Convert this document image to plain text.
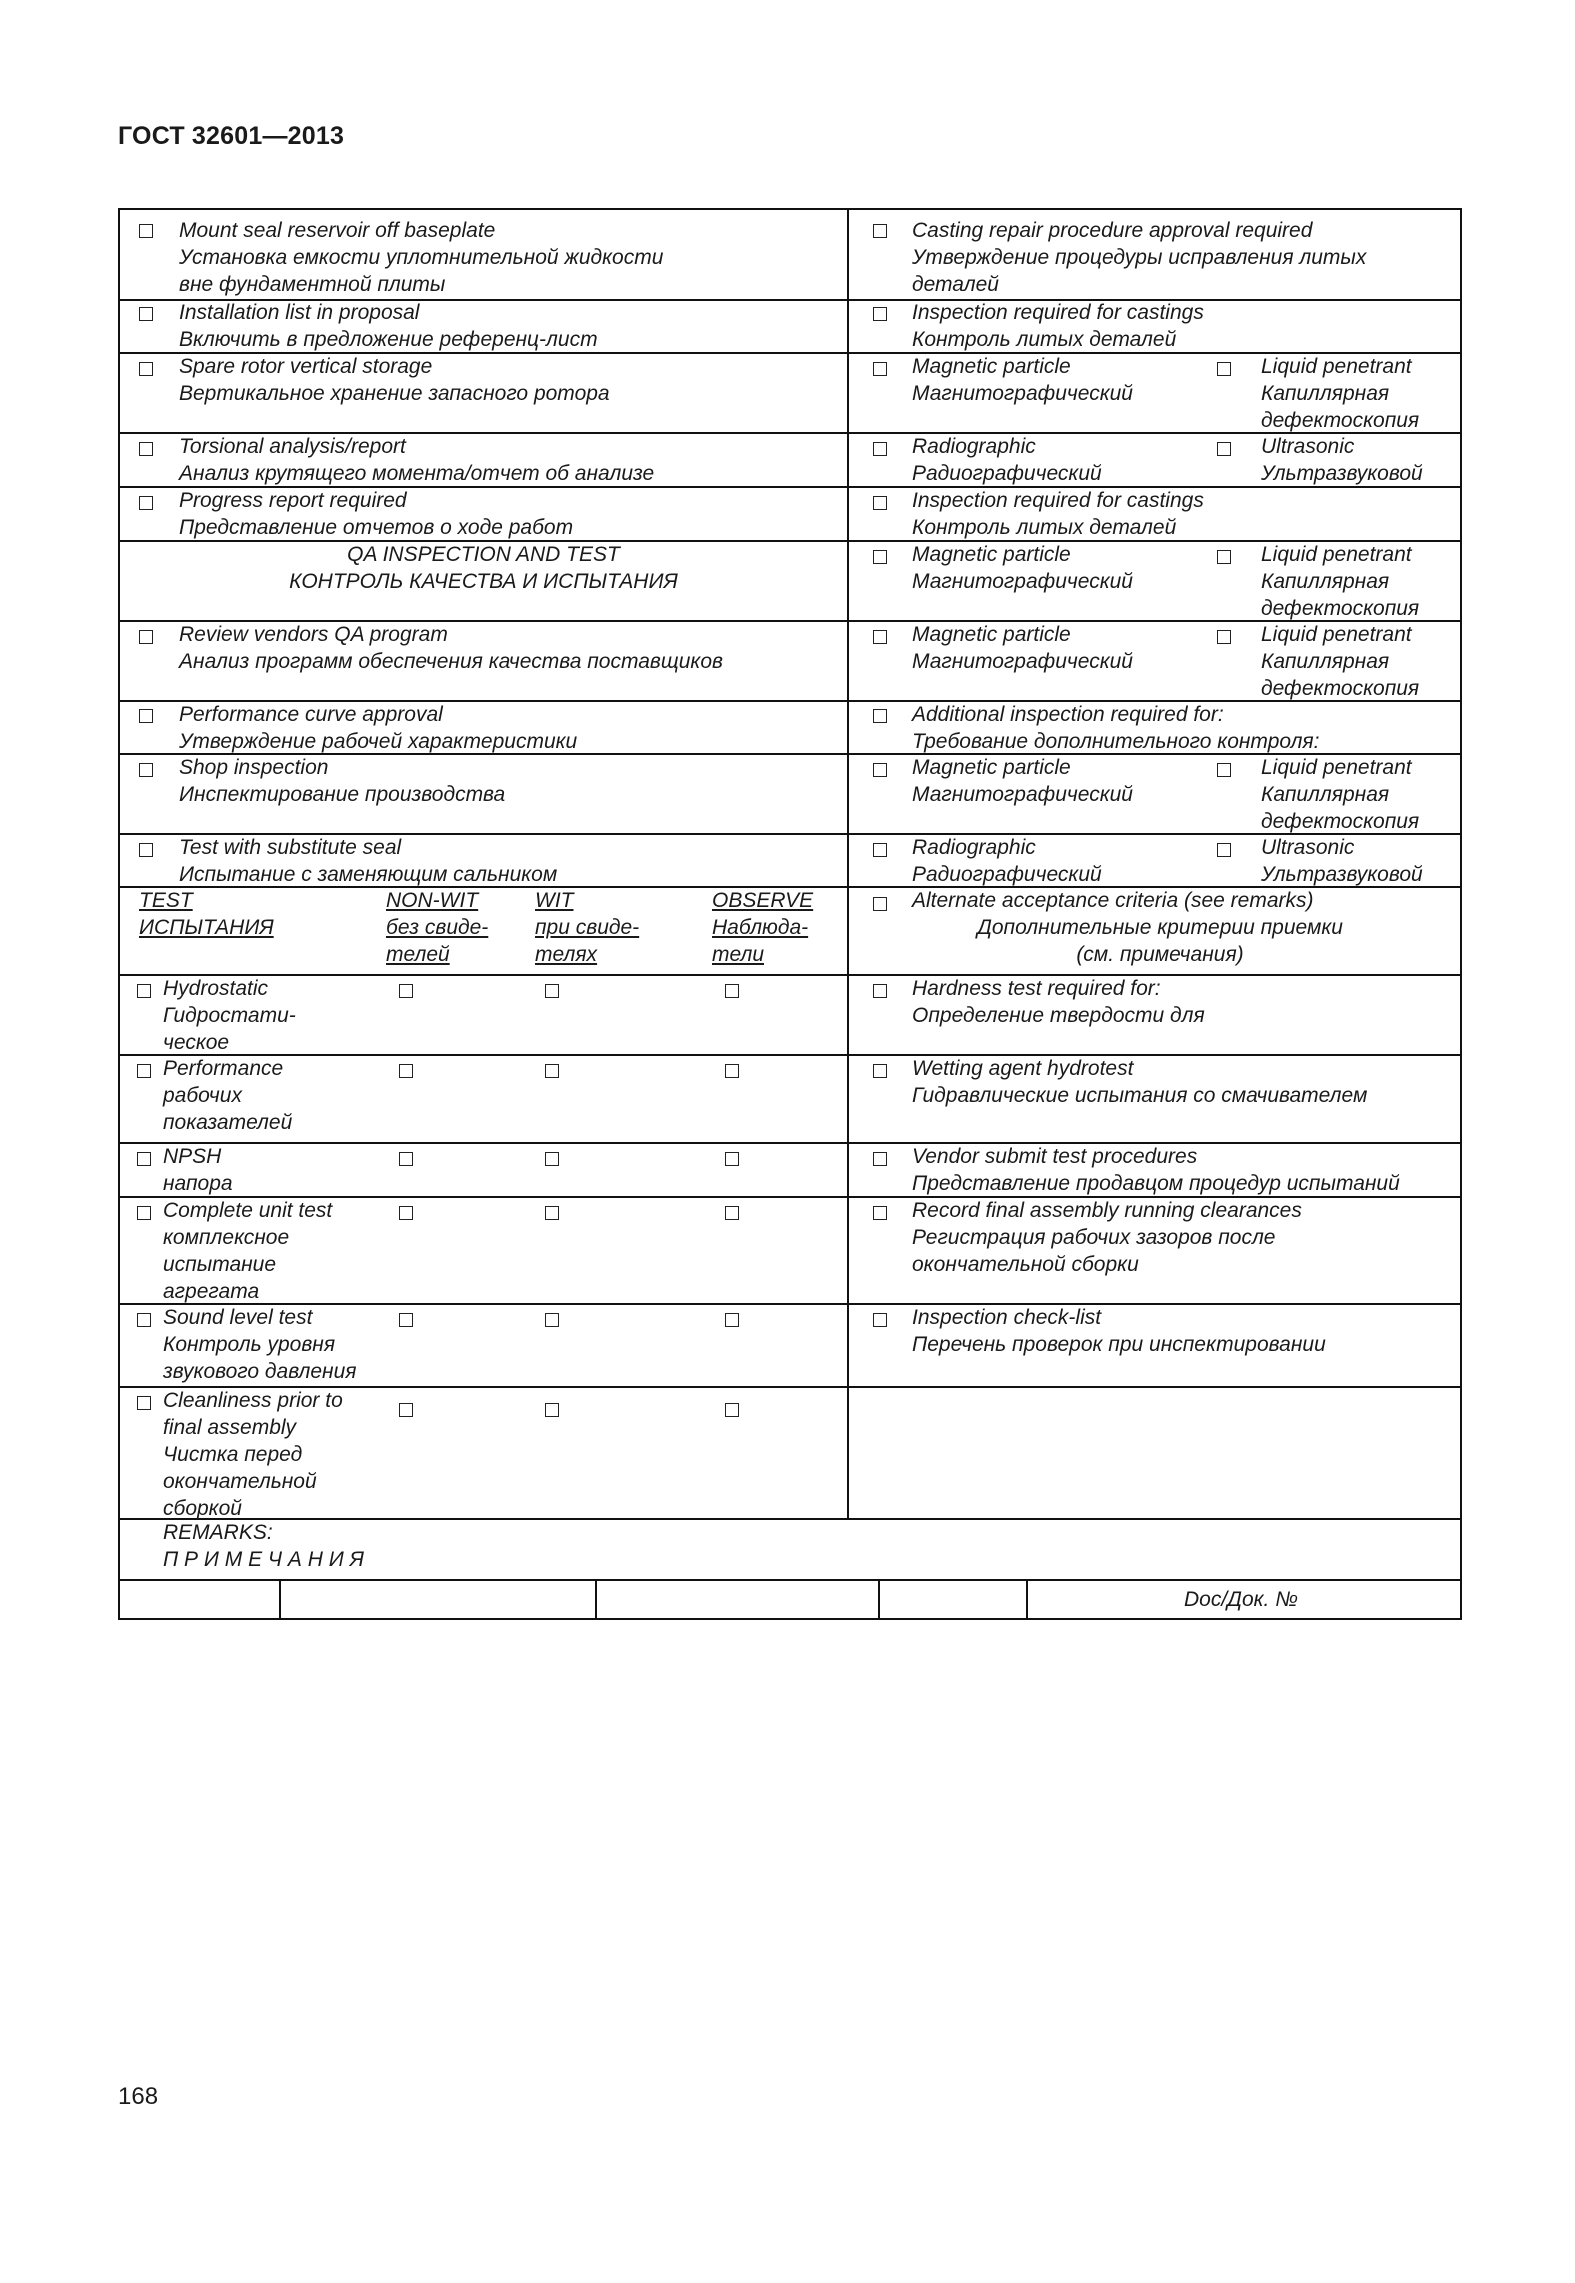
ГОСТ 32601—2013
Mount seal reservoir off baseplate
Установка емкости уплотнительной жидкости
вне фундаментной плиты
Installation list in proposal
Включить в предложение референц-лист
Spare rotor vertical storage
Вертикальное хранение запасного ротора
Torsional analysis/report
Анализ крутящего момента/отчет об анализе
Progress report required
Представление отчетов о ходе работ
QA INSPECTION AND TEST
КОНТРОЛЬ КАЧЕСТВА И ИСПЫТАНИЯ
Review vendors QA program
Анализ программ обеспечения качества поставщиков
Performance curve approval
Утверждение рабочей характеристики
Shop inspection
Инспектирование производства
Test with substitute seal
Испытание с заменяющим сальником
TEST
ИСПЫТАНИЯ
NON-WIT
без свиде-
телей
WIT
при свиде-
телях
OBSERVE
Наблюда-
тели
Hydrostatic
Гидростати-
ческое
Performance
рабочих
показателей
NPSH
напора
Complete unit test
комплексное
испытание
агрегата
Sound level test
Контроль уровня
звукового давления
Cleanliness prior to
final assembly
Чистка перед
окончательной
сборкой
REMARKS:
П Р И М Е Ч А Н И Я
Casting repair procedure approval required
Утверждение процедуры исправления литых
деталей
Inspection required for castings
Контроль литых деталей
Magnetic particle
Магнитографический
Liquid penetrant
Капиллярная
дефектоскопия
Radiographic
Радиографический
Ultrasonic
Ультразвуковой
Inspection required for castings
Контроль литых деталей
Magnetic particle
Магнитографический
Liquid penetrant
Капиллярная
дефектоскопия
Magnetic particle
Магнитографический
Liquid penetrant
Капиллярная
дефектоскопия
Additional inspection required for:
Требование дополнительного контроля:
Magnetic particle
Магнитографический
Liquid penetrant
Капиллярная
дефектоскопия
Radiographic
Радиографический
Ultrasonic
Ультразвуковой
Alternate acceptance criteria (see remarks)
Дополнительные критерии приемки
(см. примечания)
Hardness test required for:
Определение твердости для
Wetting agent hydrotest
Гидравлические испытания со смачивателем
Vendor submit test procedures
Представление продавцом процедур испытаний
Record final assembly running clearances
Регистрация рабочих зазоров после
окончательной сборки
Inspection check-list
Перечень проверок при инспектировании
Doc/Док. №
168
